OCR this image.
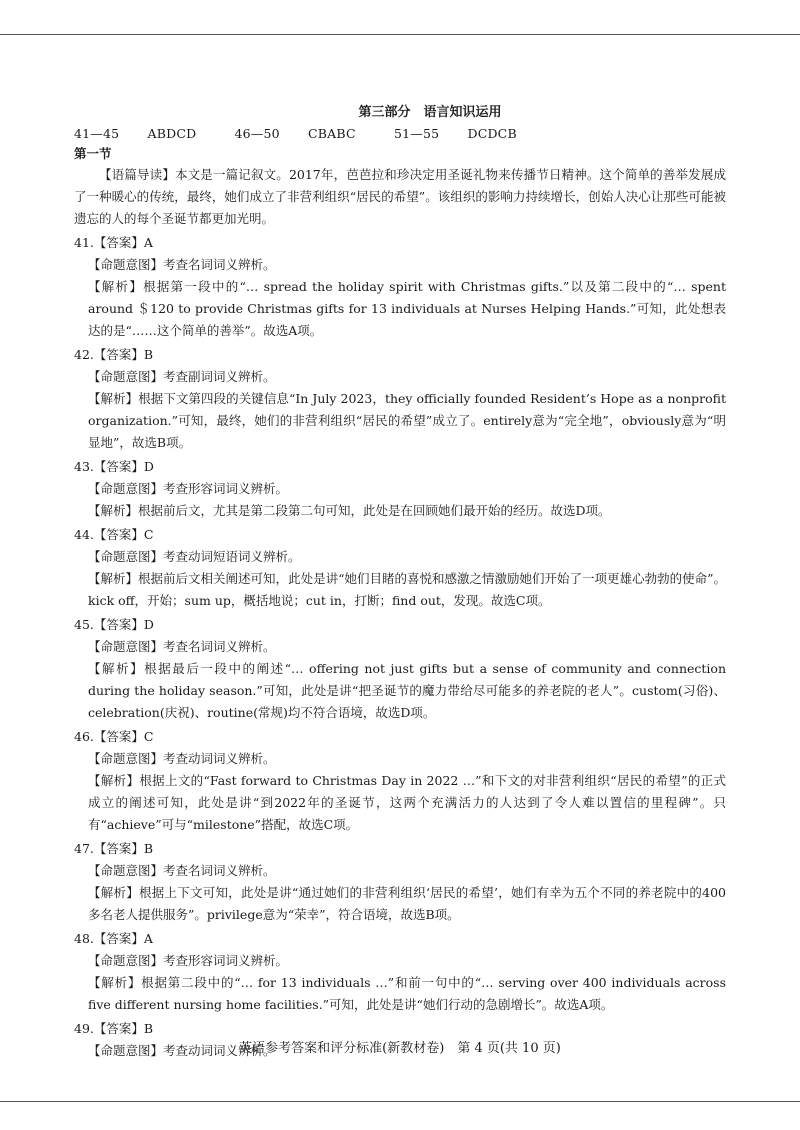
第三部分　语言知识运用
41—45 ABDCD	46—50 CBABC	51—55 DCDCB
第一节

【语篇导读】本文是一篇记叙文。2017年，芭芭拉和珍决定用圣诞礼物来传播节日精神。这个简单的善举发展成了一种暖心的传统，最终，她们成立了非营利组织“居民的希望”。该组织的影响力持续增长，创始人决心让那些可能被遗忘的人的每个圣诞节都更加光明。

41.【答案】A

【命题意图】考查名词词义辨析。

【解析】根据第一段中的“… spread the holiday spirit with Christmas gifts.”以及第二段中的“… spent around ＄120 to provide Christmas gifts for 13 individuals at Nurses Helping Hands.”可知，此处想表达的是“……这个简单的善举”。故选A项。

42.【答案】B

【命题意图】考查副词词义辨析。

【解析】根据下文第四段的关键信息“In July 2023，they officially founded Resident’s Hope as a nonprofit organization.”可知，最终，她们的非营利组织“居民的希望”成立了。entirely意为“完全地”，obviously意为“明显地”，故选B项。

43.【答案】D

【命题意图】考查形容词词义辨析。

【解析】根据前后文，尤其是第二段第二句可知，此处是在回顾她们最开始的经历。故选D项。

44.【答案】C

【命题意图】考查动词短语词义辨析。

【解析】根据前后文相关阐述可知，此处是讲“她们目睹的喜悦和感激之情激励她们开始了一项更雄心勃勃的使命”。kick off，开始；sum up，概括地说；cut in，打断；find out，发现。故选C项。

45.【答案】D

【命题意图】考查名词词义辨析。

【解析】根据最后一段中的阐述“… offering not just gifts but a sense of community and connection during the holiday season.”可知，此处是讲“把圣诞节的魔力带给尽可能多的养老院的老人”。custom(习俗)、celebration(庆祝)、routine(常规)均不符合语境，故选D项。

46.【答案】C

【命题意图】考查动词词义辨析。

【解析】根据上文的“Fast forward to Christmas Day in 2022 …”和下文的对非营利组织“居民的希望”的正式成立的阐述可知，此处是讲“到2022年的圣诞节，这两个充满活力的人达到了令人难以置信的里程碑”。只有“achieve”可与“milestone”搭配，故选C项。

47.【答案】B

【命题意图】考查名词词义辨析。

【解析】根据上下文可知，此处是讲“通过她们的非营利组织‘居民的希望’，她们有幸为五个不同的养老院中的400多名老人提供服务”。privilege意为“荣幸”，符合语境，故选B项。

48.【答案】A

【命题意图】考查形容词词义辨析。

【解析】根据第二段中的“… for 13 individuals …”和前一句中的“… serving over 400 individuals across five different nursing home facilities.”可知，此处是讲“她们行动的急剧增长”。故选A项。

49.【答案】B

【命题意图】考查动词词义辨析。

英语参考答案和评分标准(新教材卷)　第 4 页(共 10 页)
